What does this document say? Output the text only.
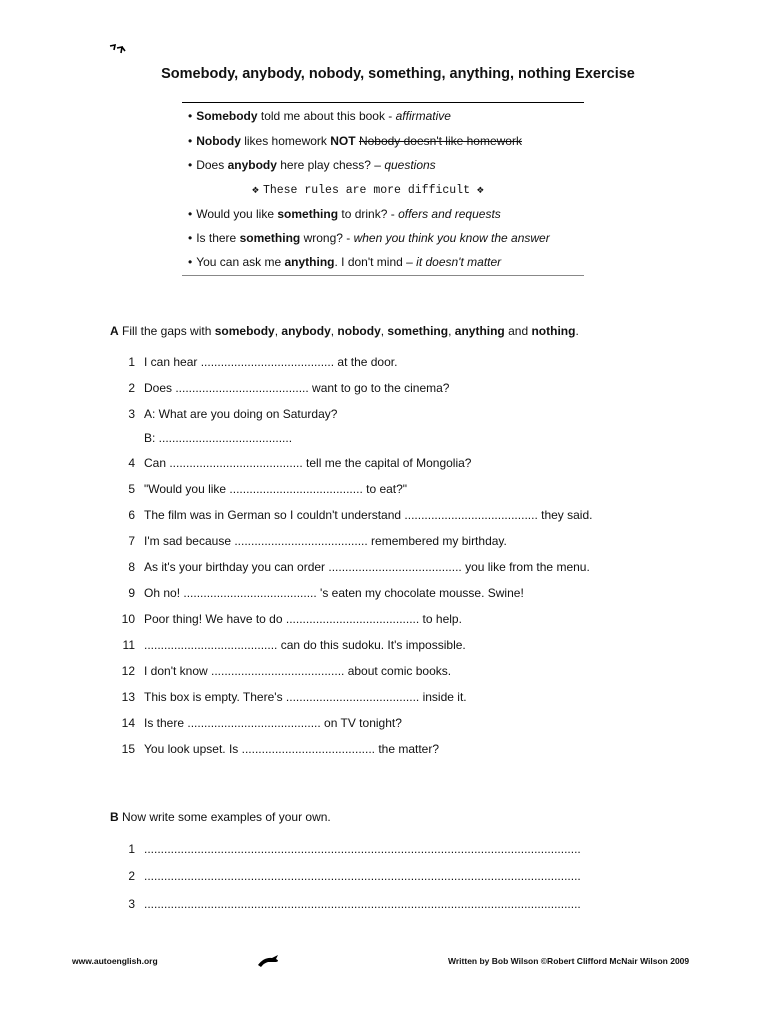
Somebody, anybody, nobody, something, anything, nothing Exercise
• Somebody told me about this book - affirmative
• Nobody likes homework NOT Nobody doesn't like homework
• Does anybody here play chess? – questions
❖ These rules are more difficult ❖
• Would you like something to drink? - offers and requests
• Is there something wrong? - when you think you know the answer
• You can ask me anything. I don't mind – it doesn't matter
A Fill the gaps with somebody, anybody, nobody, something, anything and nothing.
1 I can hear ........................................ at the door.
2 Does ........................................ want to go to the cinema?
3 A: What are you doing on Saturday?
B: ........................................
4 Can ........................................ tell me the capital of Mongolia?
5 "Would you like ........................................ to eat?"
6 The film was in German so I couldn't understand ........................................ they said.
7 I'm sad because ........................................ remembered my birthday.
8 As it's your birthday you can order ........................................ you like from the menu.
9 Oh no! ........................................ 's eaten my chocolate mousse. Swine!
10 Poor thing! We have to do ........................................ to help.
11 ........................................ can do this sudoku. It's impossible.
12 I don't know ........................................ about comic books.
13 This box is empty. There's ........................................ inside it.
14 Is there ........................................ on TV tonight?
15 You look upset. Is ........................................ the matter?
B Now write some examples of your own.
1 ...................................................................................................................................
2 ...................................................................................................................................
3 ...................................................................................................................................
www.autoenglish.org	Written by Bob Wilson ©Robert Clifford McNair Wilson 2009
